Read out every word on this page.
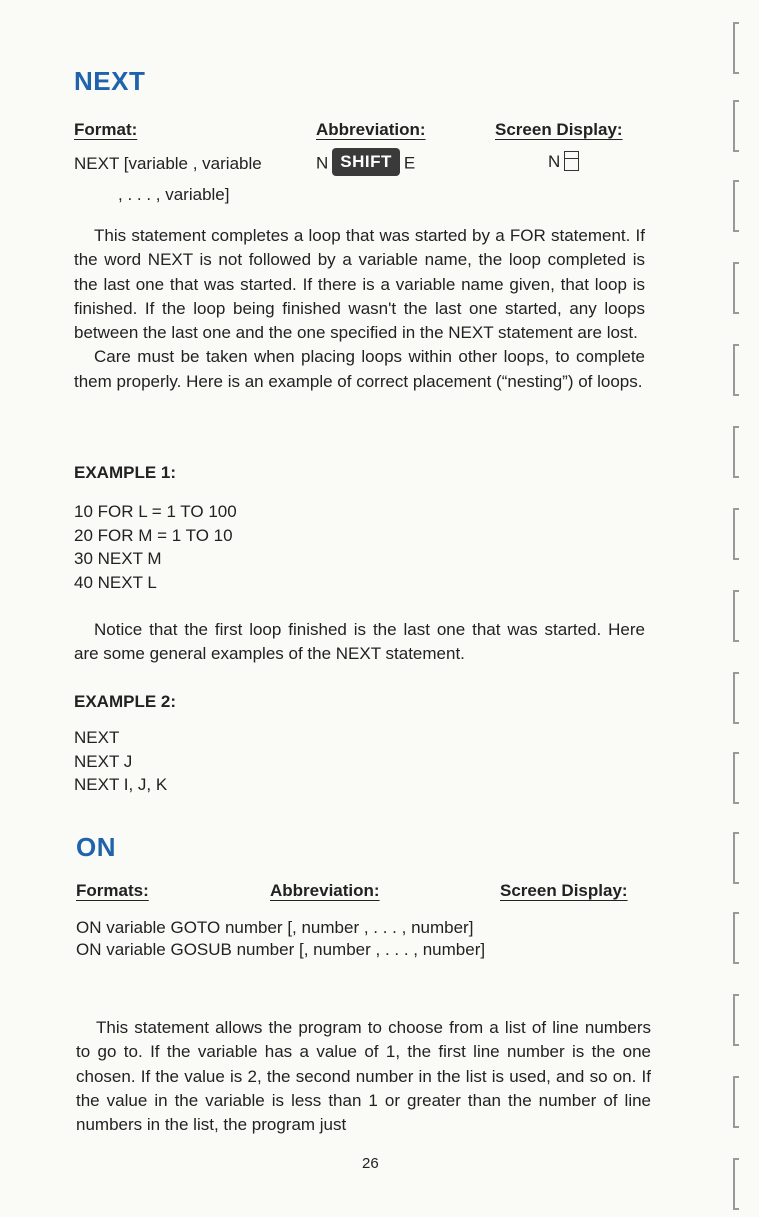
NEXT
Format:	Abbreviation:	Screen Display:
NEXT [variable , variable	N SHIFT E	N
, . . . , variable]

This statement completes a loop that was started by a FOR statement. If the word NEXT is not followed by a variable name, the loop completed is the last one that was started. If there is a variable name given, that loop is finished. If the loop being finished wasn't the last one started, any loops between the last one and the one specified in the NEXT statement are lost.

Care must be taken when placing loops within other loops, to complete them properly. Here is an example of correct placement (“nesting”) of loops.

EXAMPLE 1:
10 FOR L = 1 TO 100
20 FOR M = 1 TO 10
30 NEXT M
40 NEXT L

Notice that the first loop finished is the last one that was started. Here are some general examples of the NEXT statement.

EXAMPLE 2:
NEXT
NEXT J
NEXT I, J, K
ON
Formats:	Abbreviation:	Screen Display:
ON variable GOTO number [, number , . . . , number]
ON variable GOSUB number [, number , . . . , number]

This statement allows the program to choose from a list of line numbers to go to. If the variable has a value of 1, the first line number is the one chosen. If the value is 2, the second number in the list is used, and so on. If the value in the variable is less than 1 or greater than the number of line numbers in the list, the program just

26
